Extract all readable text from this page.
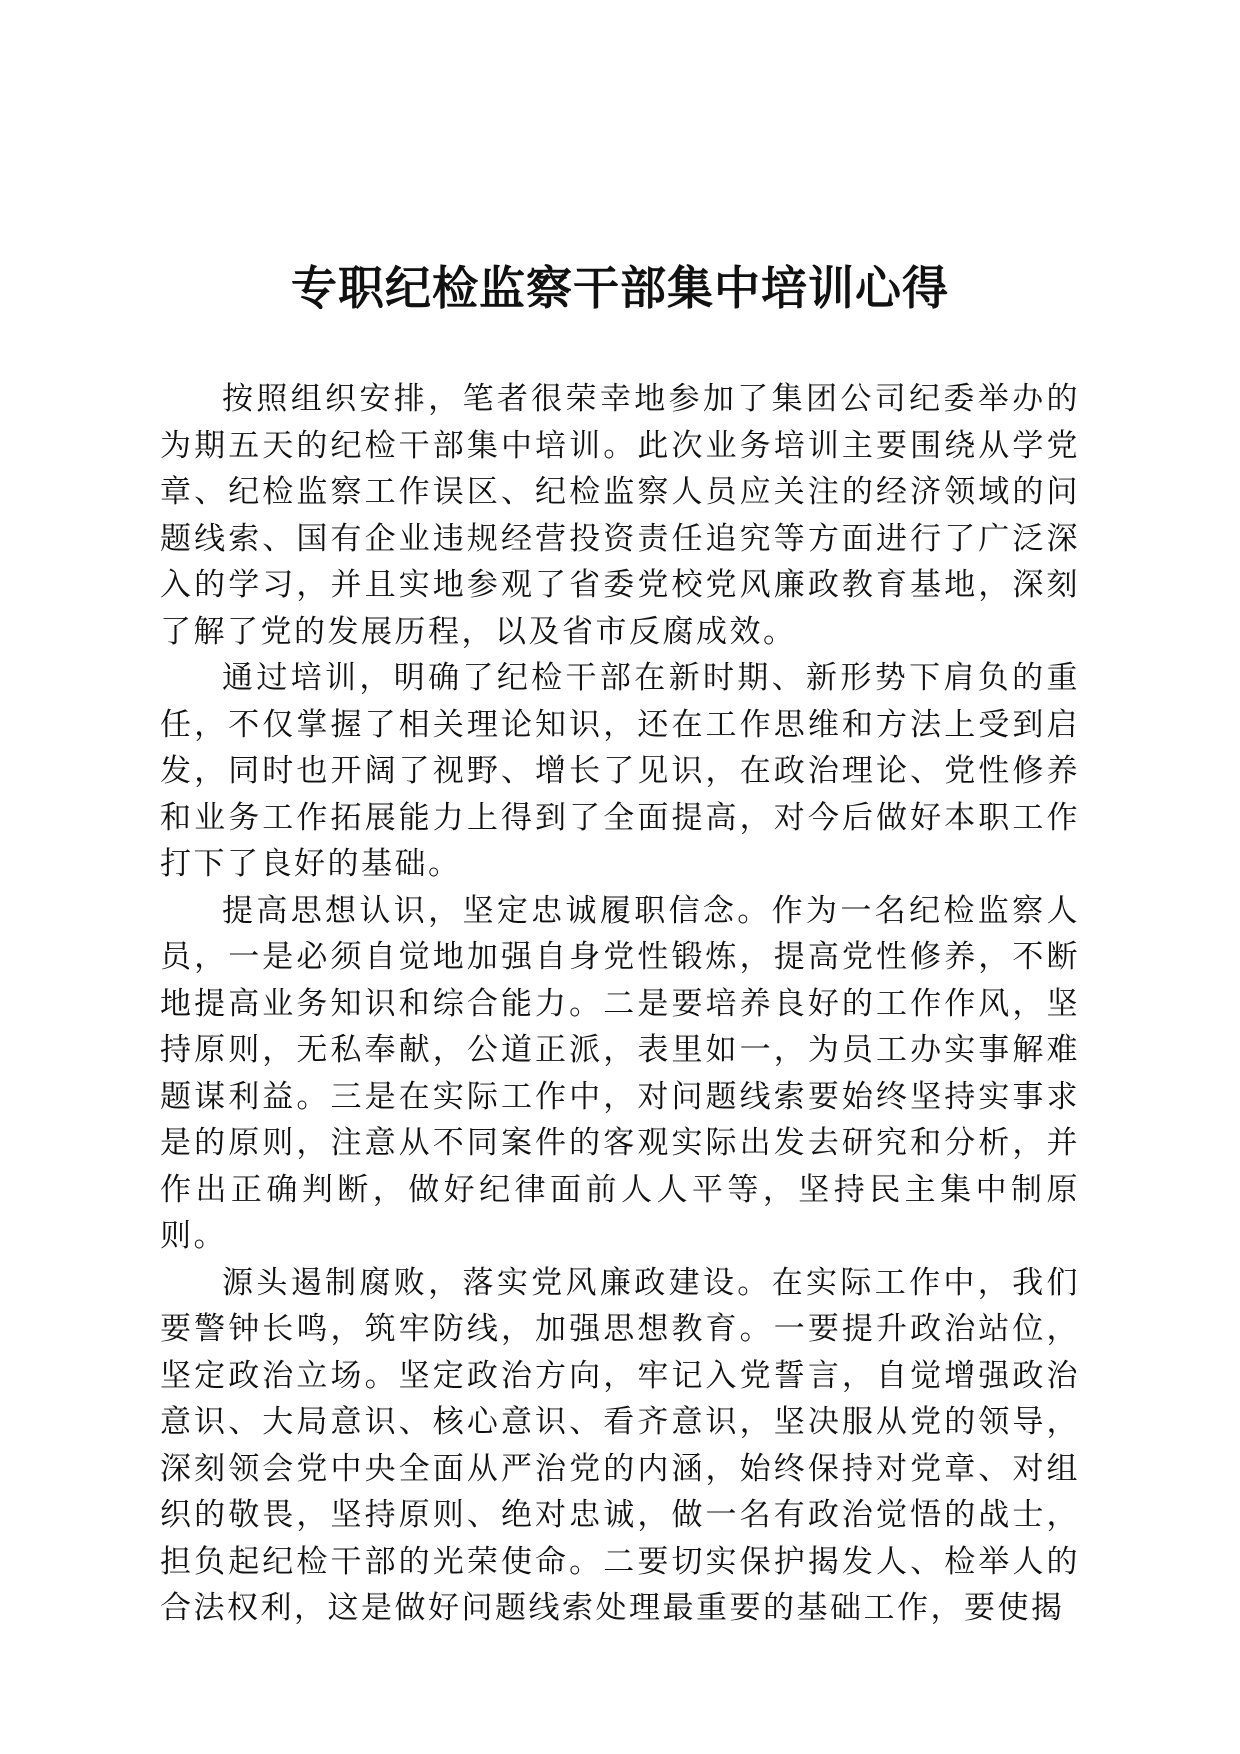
专职纪检监察干部集中培训心得

按照组织安排，笔者很荣幸地参加了集团公司纪委举办的为期五天的纪检干部集中培训。此次业务培训主要围绕从学党章、纪检监察工作误区、纪检监察人员应关注的经济领域的问题线索、国有企业违规经营投资责任追究等方面进行了广泛深入的学习，并且实地参观了省委党校党风廉政教育基地，深刻了解了党的发展历程，以及省市反腐成效。

通过培训，明确了纪检干部在新时期、新形势下肩负的重任，不仅掌握了相关理论知识，还在工作思维和方法上受到启发，同时也开阔了视野、增长了见识，在政治理论、党性修养和业务工作拓展能力上得到了全面提高，对今后做好本职工作打下了良好的基础。

提高思想认识，坚定忠诚履职信念。作为一名纪检监察人员，一是必须自觉地加强自身党性锻炼，提高党性修养，不断地提高业务知识和综合能力。二是要培养良好的工作作风，坚持原则，无私奉献，公道正派，表里如一，为员工办实事解难题谋利益。三是在实际工作中，对问题线索要始终坚持实事求是的原则，注意从不同案件的客观实际出发去研究和分析，并作出正确判断，做好纪律面前人人平等，坚持民主集中制原则。

源头遏制腐败，落实党风廉政建设。在实际工作中，我们要警钟长鸣，筑牢防线，加强思想教育。一要提升政治站位，坚定政治立场。坚定政治方向，牢记入党誓言，自觉增强政治意识、大局意识、核心意识、看齐意识，坚决服从党的领导，深刻领会党中央全面从严治党的内涵，始终保持对党章、对组织的敬畏，坚持原则、绝对忠诚，做一名有政治觉悟的战士，担负起纪检干部的光荣使命。二要切实保护揭发人、检举人的合法权利，这是做好问题线索处理最重要的基础工作，要使揭
